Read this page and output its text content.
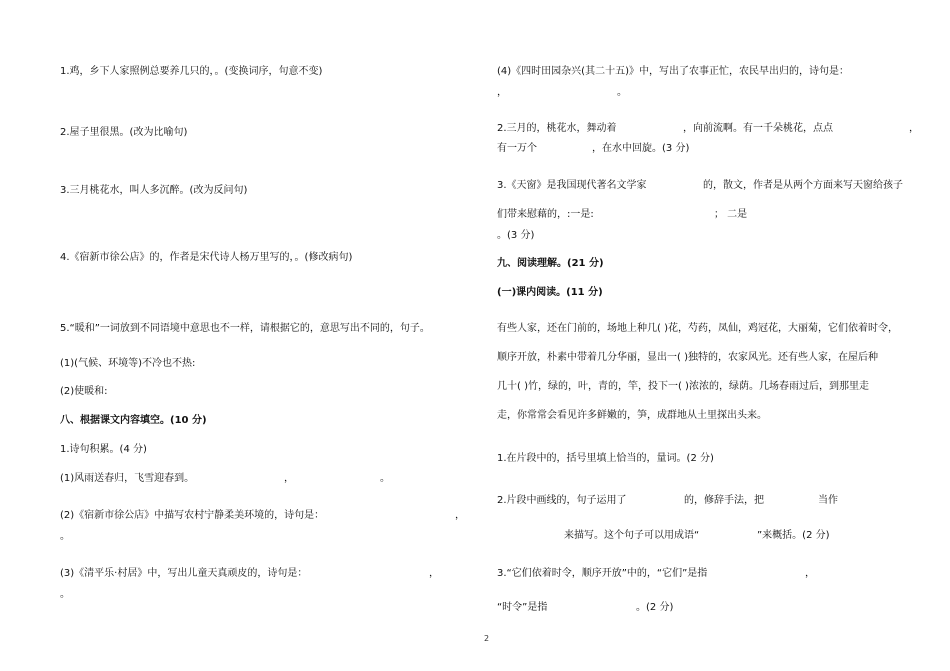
1.鸡，乡下人家照例总要养几只的，。(变换词序，句意不变)
2.屋子里很黑。(改为比喻句)
3.三月桃花水，叫人多沉醉。(改为反问句)
4.《宿新市徐公店》的，作者是宋代诗人杨万里写的，。(修改病句)
5.“暖和”一词放到不同语境中意思也不一样，请根据它的，意思写出不同的，句子。
(1)(气候、环境等)不冷也不热:
(2)使暖和:
八、根据课文内容填空。(10 分)
1.诗句积累。(4 分)
(1)风雨送春归，飞雪迎春到。	，	。
(2)《宿新市徐公店》中描写农村宁静柔美环境的，诗句是：	，
。
(3)《清平乐·村居》中，写出儿童天真顽皮的，诗句是：	，
。
(4)《四时田园杂兴(其二十五)》中，写出了农事正忙，农民早出归的，诗句是：
，	。
2.三月的，桃花水，舞动着	，向前流啊。有一千朵桃花，点点	，
有一万个	，在水中回旋。(3 分)
3.《天窗》是我国现代著名文学家	的，散文，作者是从两个方面来写天窗给孩子
们带来慰藉的，:一是:	； 二是
。(3 分)
九、阅读理解。(21 分)
(一)课内阅读。(11 分)
有些人家，还在门前的，场地上种几( )花，芍药，凤仙，鸡冠花，大丽菊，它们依着时令，
顺序开放，朴素中带着几分华丽，显出一( )独特的，农家风光。还有些人家，在屋后种
几十( )竹，绿的，叶，青的，竿，投下一( )浓浓的，绿荫。几场春雨过后，到那里走
走，你常常会看见许多鲜嫩的，笋，成群地从土里探出头来。
1.在片段中的，括号里填上恰当的，量词。(2 分)
2.片段中画线的，句子运用了	的，修辞手法，把	当作
来描写。这个句子可以用成语“	”来概括。(2 分)
3.“它们依着时令，顺序开放”中的，“它们”是指	，
“时令”是指	。(2 分)
2
